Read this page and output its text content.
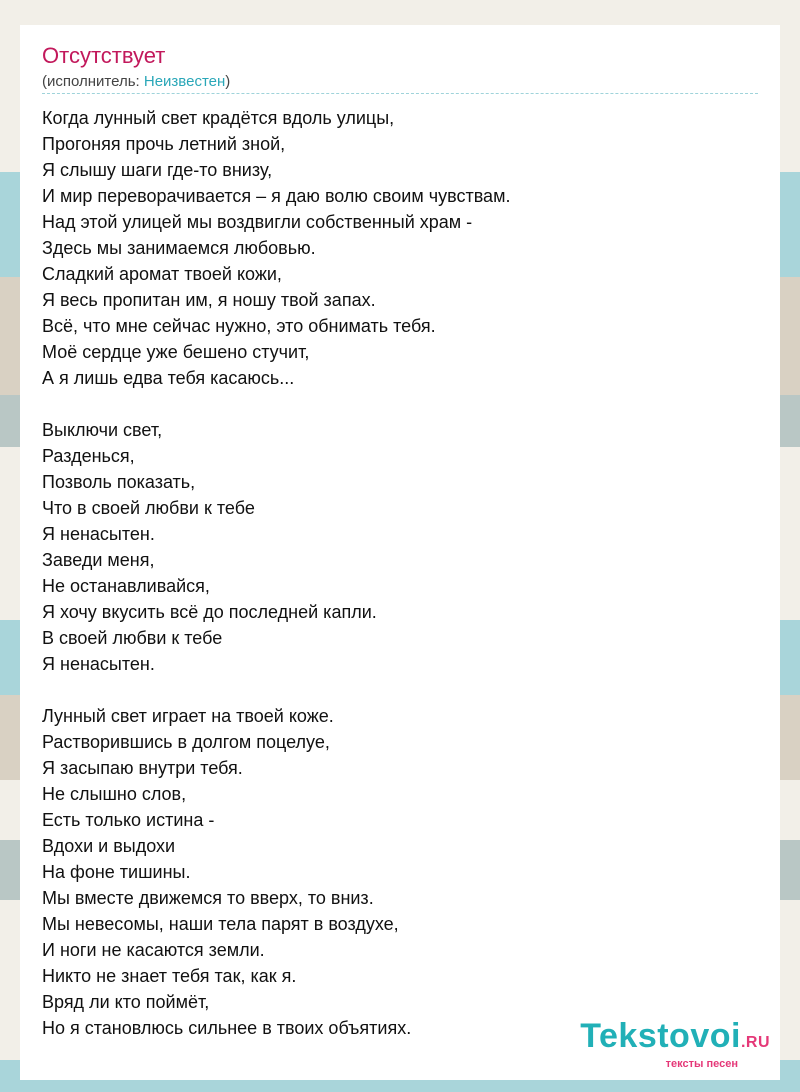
Отсутствует
(исполнитель: Неизвестен)
Когда лунный свет крадётся вдоль улицы,
Прогоняя прочь летний зной,
Я слышу шаги где-то внизу,
И мир переворачивается – я даю волю своим чувствам.
Над этой улицей мы воздвигли собственный храм -
Здесь мы занимаемся любовью.
Сладкий аромат твоей кожи,
Я весь пропитан им, я ношу твой запах.
Всё, что мне сейчас нужно, это обнимать тебя.
Моё сердце уже бешено стучит,
А я лишь едва тебя касаюсь...
Выключи свет,
Разденься,
Позволь показать,
Что в своей любви к тебе
Я ненасытен.
Заведи меня,
Не останавливайся,
Я хочу вкусить всё до последней капли.
В своей любви к тебе
Я ненасытен.
Лунный свет играет на твоей коже.
Растворившись в долгом поцелуе,
Я засыпаю внутри тебя.
Не слышно слов,
Есть только истина -
Вдохи и выдохи
На фоне тишины.
Мы вместе движемся то вверх, то вниз.
Мы невесомы, наши тела парят в воздухе,
И ноги не касаются земли.
Никто не знает тебя так, как я.
Вряд ли кто поймёт,
Но я становлюсь сильнее в твоих объятиях.	Tekstovoi.RU
тексты песен
